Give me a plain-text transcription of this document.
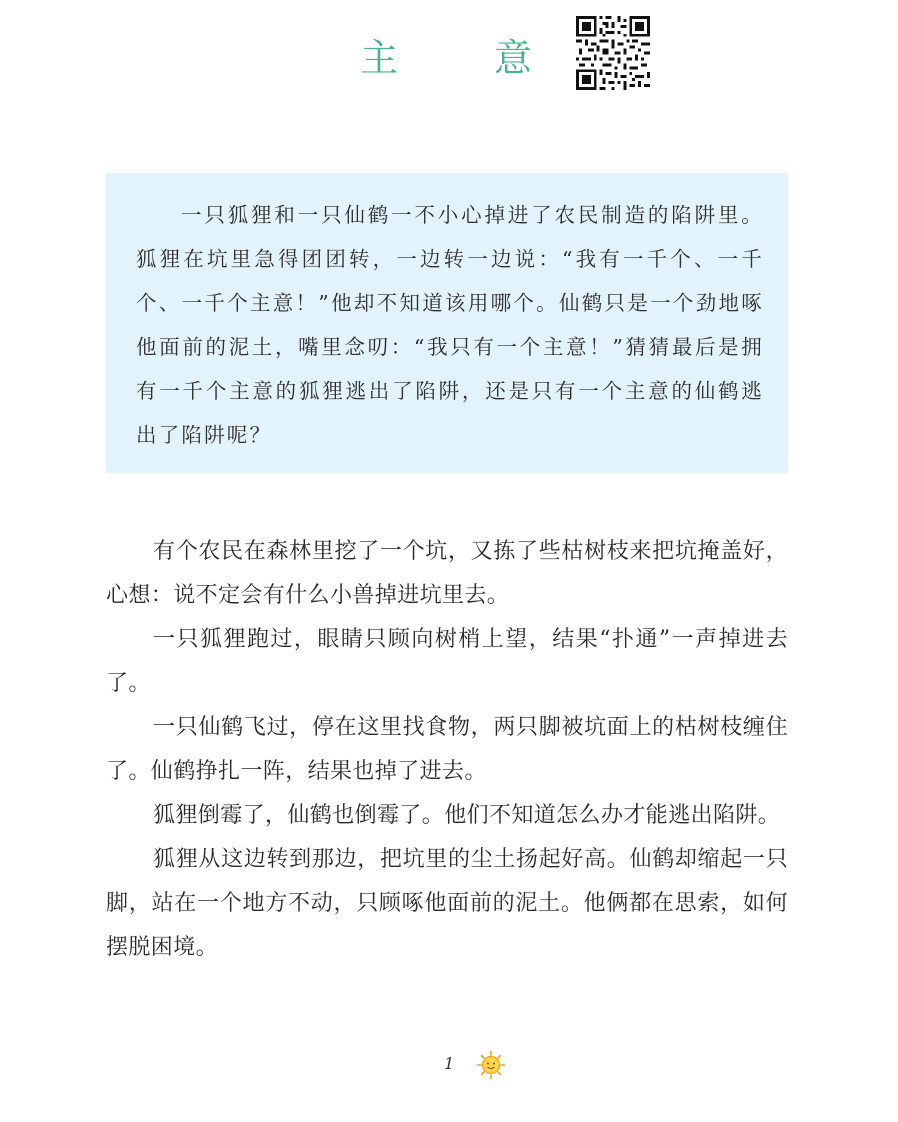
主	意

一只狐狸和一只仙鹤一不小心掉进了农民制造的陷阱里。狐狸在坑里急得团团转，一边转一边说：“我有一千个、一千个、一千个主意！”他却不知道该用哪个。仙鹤只是一个劲地啄他面前的泥土，嘴里念叨：“我只有一个主意！”猜猜最后是拥有一千个主意的狐狸逃出了陷阱，还是只有一个主意的仙鹤逃出了陷阱呢？

有个农民在森林里挖了一个坑，又拣了些枯树枝来把坑掩盖好，心想：说不定会有什么小兽掉进坑里去。

一只狐狸跑过，眼睛只顾向树梢上望，结果“扑通”一声掉进去了。

一只仙鹤飞过，停在这里找食物，两只脚被坑面上的枯树枝缠住了。仙鹤挣扎一阵，结果也掉了进去。

狐狸倒霉了，仙鹤也倒霉了。他们不知道怎么办才能逃出陷阱。

狐狸从这边转到那边，把坑里的尘土扬起好高。仙鹤却缩起一只脚，站在一个地方不动，只顾啄他面前的泥土。他俩都在思索，如何摆脱困境。

1
